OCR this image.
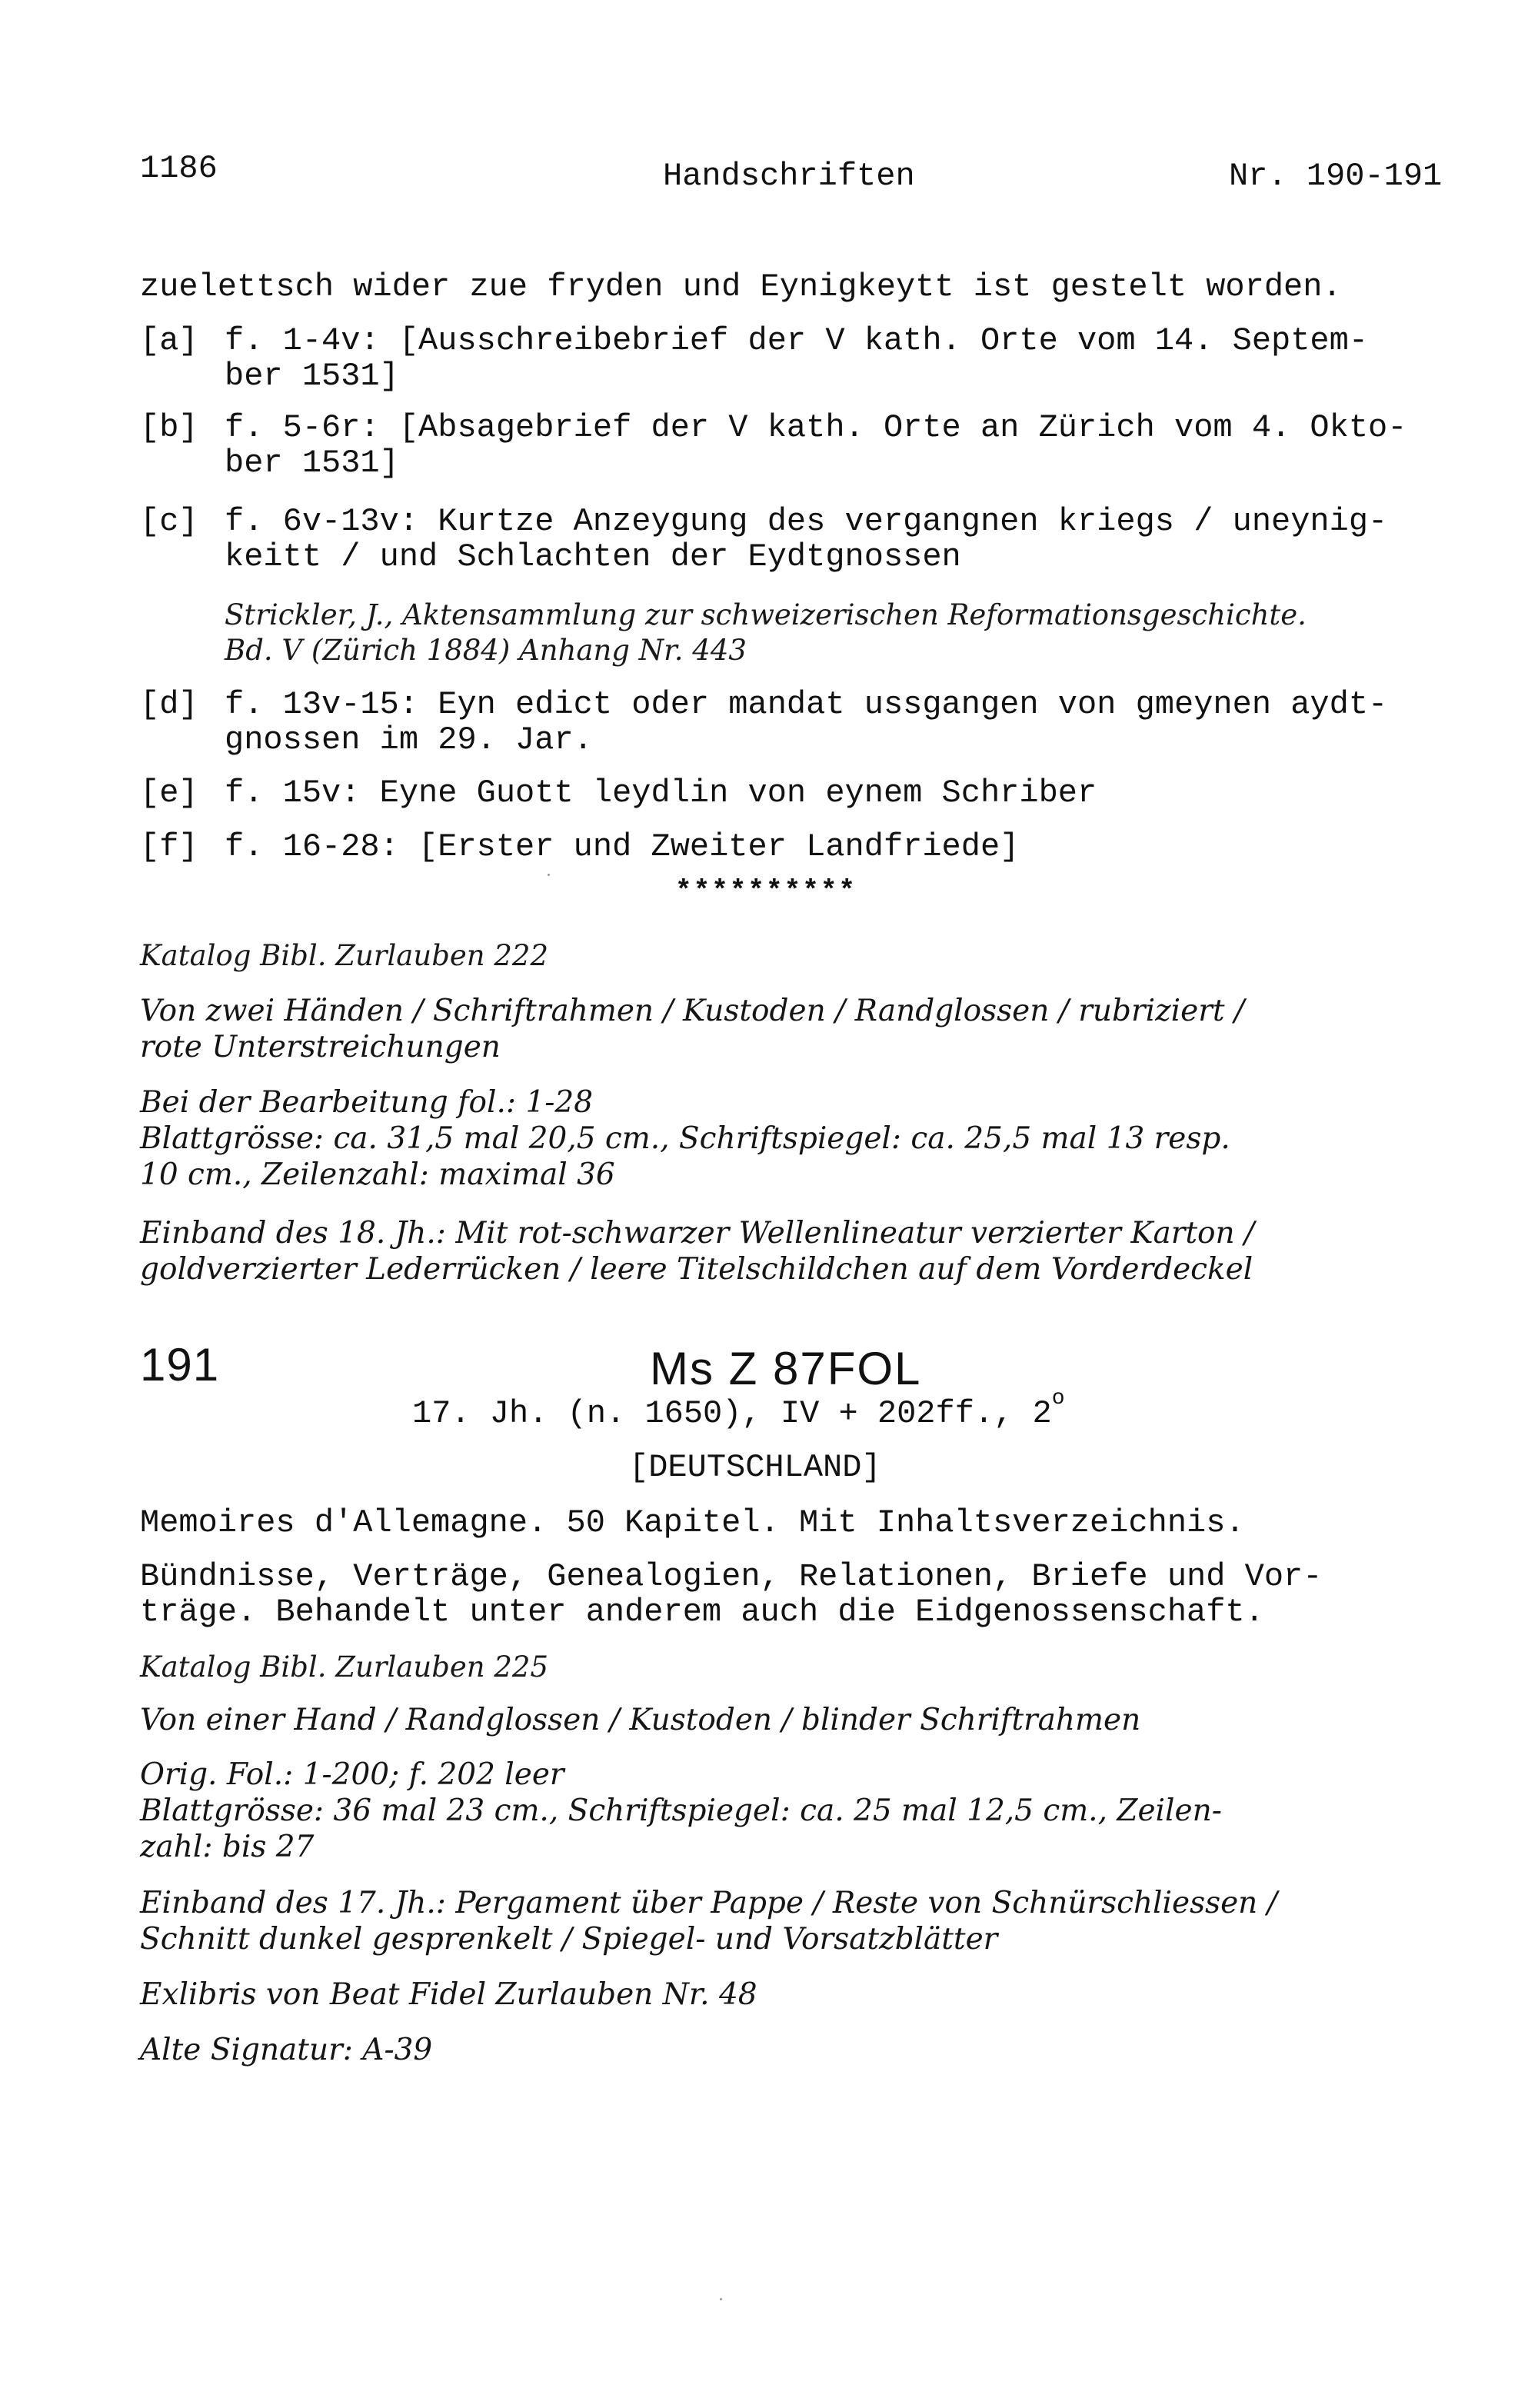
1186	Handschriften	Nr. 190-191
zuelettsch wider zue fryden und Eynigkeytt ist gestelt worden.
[a] f. 1-4v: [Ausschreibebrief der V kath. Orte vom 14. Septem-
ber 1531]
[b] f. 5-6r: [Absagebrief der V kath. Orte an Zürich vom 4. Okto-
ber 1531]
[c] f. 6v-13v: Kurtze Anzeygung des vergangnen kriegs / uneynig-
keitt / und Schlachten der Eydtgnossen
Strickler, J., Aktensammlung zur schweizerischen Reformationsgeschichte.
Bd. V (Zürich 1884) Anhang Nr. 443
[d] f. 13v-15: Eyn edict oder mandat ussgangen von gmeynen aydt-
gnossen im 29. Jar.
[e] f. 15v: Eyne Guott leydlin von eynem Schriber
[f] f. 16-28: [Erster und Zweiter Landfriede]
**********
Katalog Bibl. Zurlauben 222
Von zwei Händen / Schriftrahmen / Kustoden / Randglossen / rubriziert /
rote Unterstreichungen
Bei der Bearbeitung fol.: 1-28
Blattgrösse: ca. 31,5 mal 20,5 cm., Schriftspiegel: ca. 25,5 mal 13 resp.
10 cm., Zeilenzahl: maximal 36
Einband des 18. Jh.: Mit rot-schwarzer Wellenlineatur verzierter Karton /
goldverzierter Lederrücken / leere Titelschildchen auf dem Vorderdeckel
191	Ms Z 87FOL
17. Jh. (n. 1650), IV + 202ff., 2$^o$
[DEUTSCHLAND]
Memoires d'Allemagne. 50 Kapitel. Mit Inhaltsverzeichnis.
Bündnisse, Verträge, Genealogien, Relationen, Briefe und Vor-
träge. Behandelt unter anderem auch die Eidgenossenschaft.
Katalog Bibl. Zurlauben 225
Von einer Hand / Randglossen / Kustoden / blinder Schriftrahmen
Orig. Fol.: 1-200; f. 202 leer
Blattgrösse: 36 mal 23 cm., Schriftspiegel: ca. 25 mal 12,5 cm., Zeilen-
zahl: bis 27
Einband des 17. Jh.: Pergament über Pappe / Reste von Schnürschliessen /
Schnitt dunkel gesprenkelt / Spiegel- und Vorsatzblätter
Exlibris von Beat Fidel Zurlauben Nr. 48
Alte Signatur: A-39
